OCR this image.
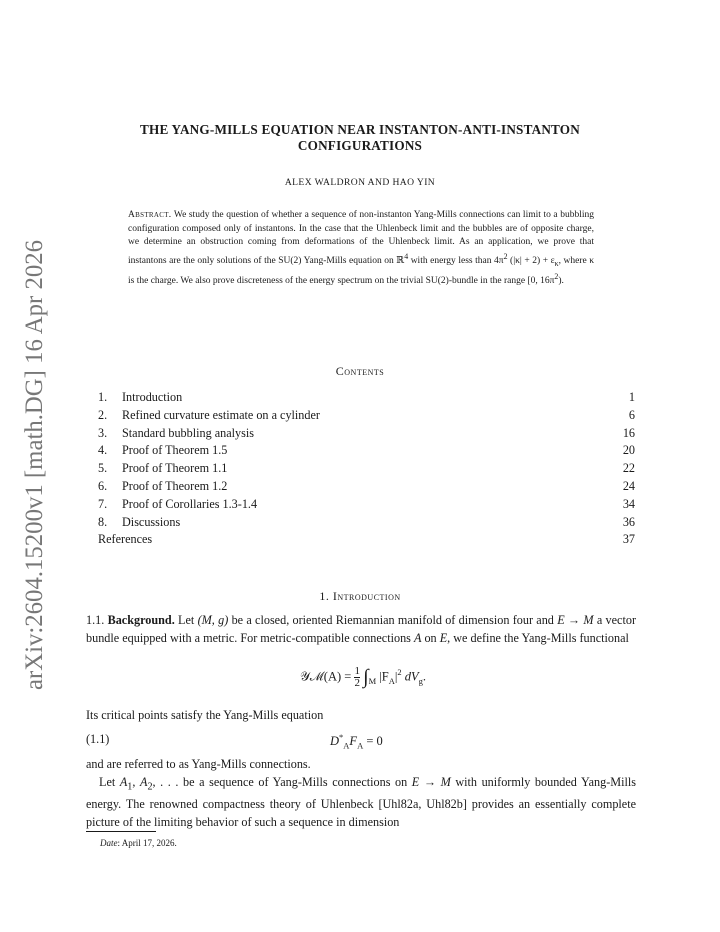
arXiv:2604.15200v1 [math.DG] 16 Apr 2026
THE YANG-MILLS EQUATION NEAR INSTANTON-ANTI-INSTANTON
CONFIGURATIONS
ALEX WALDRON AND HAO YIN
Abstract. We study the question of whether a sequence of non-instanton Yang-Mills connections can limit to a bubbling configuration composed only of instantons. In the case that the Uhlenbeck limit and the bubbles are of opposite charge, we determine an obstruction coming from deformations of the Uhlenbeck limit. As an application, we prove that instantons are the only solutions of the SU(2) Yang-Mills equation on ℝ$^4$ with energy less than $4\pi^2$ $(|\kappa| + 2) + \varepsilon_\kappa$, where κ is the charge. We also prove discreteness of the energy spectrum on the trivial SU(2)-bundle in the range [0, $16\pi^2$).
Contents
1.	Introduction	1
2.	Refined curvature estimate on a cylinder	6
3.	Standard bubbling analysis	16
4.	Proof of Theorem 1.5	20
5.	Proof of Theorem 1.1	22
6.	Proof of Theorem 1.2	24
7.	Proof of Corollaries 1.3-1.4	34
8.	Discussions	36
References	37
1. Introduction
1.1. Background. Let (M, g) be a closed, oriented Riemannian manifold of dimension four and E → M a vector bundle equipped with a metric. For metric-compatible connections A on E, we define the Yang-Mills functional
𝒴ℳ(A) = $\frac{1}{2} \int_M$ $|F_A|^2$ $dV_g$.
Its critical points satisfy the Yang-Mills equation
(1.1)	$D^*_AF_A = 0$
and are referred to as Yang-Mills connections.
Let $A_1$, $A_2$, . . . be a sequence of Yang-Mills connections on E → M with uniformly bounded Yang-Mills energy. The renowned compactness theory of Uhlenbeck [Uhl82a, Uhl82b] provides an essentially complete picture of the limiting behavior of such a sequence in dimension
Date: April 17, 2026.
